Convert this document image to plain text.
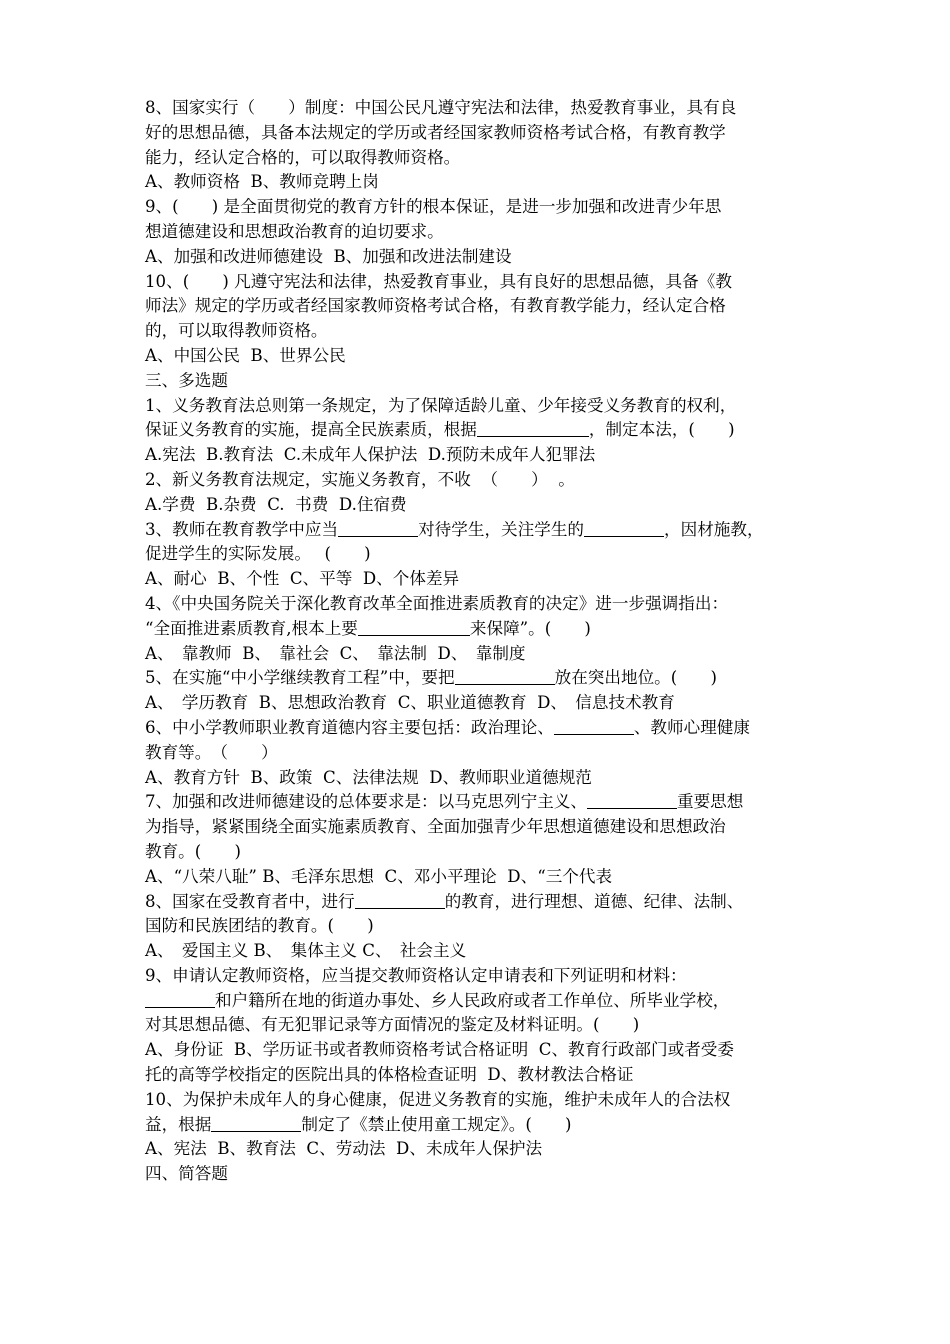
8、国家实行（　　）制度：中国公民凡遵守宪法和法律，热爱教育事业，具有良
好的思想品德，具备本法规定的学历或者经国家教师资格考试合格，有教育教学
能力，经认定合格的，可以取得教师资格。
A、教师资格  B、教师竞聘上岗
9、(　　) 是全面贯彻党的教育方针的根本保证，是进一步加强和改进青少年思
想道德建设和思想政治教育的迫切要求。
A、加强和改进师德建设  B、加强和改进法制建设
10、(　　) 凡遵守宪法和法律，热爱教育事业，具有良好的思想品德，具备《教
师法》规定的学历或者经国家教师资格考试合格，有教育教学能力，经认定合格
的，可以取得教师资格。
A、中国公民  B、世界公民
三、多选题
1、义务教育法总则第一条规定，为了保障适龄儿童、少年接受义务教育的权利，
保证义务教育的实施，提高全民族素质，根据	，制定本法，(　　)
A.宪法  B.教育法  C.未成年人保护法  D.预防未成年人犯罪法
2、新义务教育法规定，实施义务教育，不收  （　　）  。
A.学费  B.杂费  C.  书费  D.住宿费
3、教师在教育教学中应当	对待学生，关注学生的	，因材施教，
促进学生的实际发展。　 (　　)
A、耐心  B、个性  C、平等  D、个体差异
4、《中央国务院关于深化教育改革全面推进素质教育的决定》进一步强调指出：
“全面推进素质教育,根本上要	来保障”。(　　)
A、　靠教师  B、　靠社会  C、　靠法制  D、　靠制度
5、在实施“中小学继续教育工程”中，要把	放在突出地位。(　　)
A、　学历教育  B、思想政治教育  C、职业道德教育  D、　信息技术教育
6、中小学教师职业教育道德内容主要包括：政治理论、	、教师心理健康
教育等。　（　　）
A、教育方针  B、政策  C、法律法规  D、教师职业道德规范
7、加强和改进师德建设的总体要求是：以马克思列宁主义、	重要思想
为指导，紧紧围绕全面实施素质教育、全面加强青少年思想道德建设和思想政治
教育。(　　)
A、“八荣八耻” B、毛泽东思想  C、邓小平理论  D、“三个代表
8、国家在受教育者中，进行	的教育，进行理想、道德、纪律、法制、
国防和民族团结的教育。(　　)
A、　爱国主义 B、　集体主义 C、　社会主义
9、申请认定教师资格，应当提交教师资格认定申请表和下列证明和材料：
和户籍所在地的街道办事处、乡人民政府或者工作单位、所毕业学校，
对其思想品德、有无犯罪记录等方面情况的鉴定及材料证明。(　　)
A、身份证  B、学历证书或者教师资格考试合格证明  C、教育行政部门或者受委
托的高等学校指定的医院出具的体格检查证明  D、教材教法合格证
10、为保护未成年人的身心健康，促进义务教育的实施，维护未成年人的合法权
益，根据	制定了《禁止使用童工规定》。(　　)
A、宪法  B、教育法  C、劳动法  D、未成年人保护法
四、简答题
